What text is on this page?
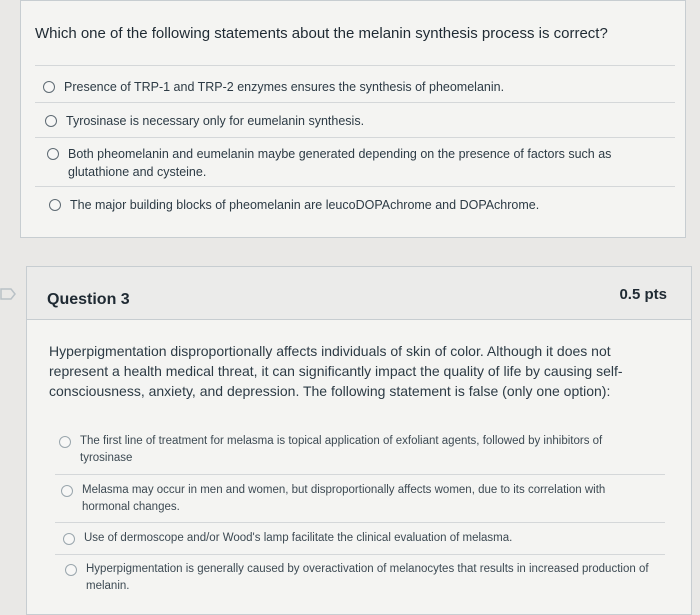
Which one of the following statements about the melanin synthesis process is correct?
Presence of TRP-1 and TRP-2 enzymes ensures the synthesis of pheomelanin.
Tyrosinase is necessary only for eumelanin synthesis.
Both pheomelanin and eumelanin maybe generated depending on the presence of factors such as glutathione and cysteine.
The major building blocks of pheomelanin are leucoDOPAchrome and DOPAchrome.
Question 3	0.5 pts
Hyperpigmentation disproportionally affects individuals of skin of color. Although it does not represent a health medical threat, it can significantly impact the quality of life by causing self-consciousness, anxiety, and depression. The following statement is false (only one option):
The first line of treatment for melasma is topical application of exfoliant agents, followed by inhibitors of tyrosinase
Melasma may occur in men and women, but disproportionally affects women, due to its correlation with hormonal changes.
Use of dermoscope and/or Wood's lamp facilitate the clinical evaluation of melasma.
Hyperpigmentation is generally caused by overactivation of melanocytes that results in increased production of melanin.
